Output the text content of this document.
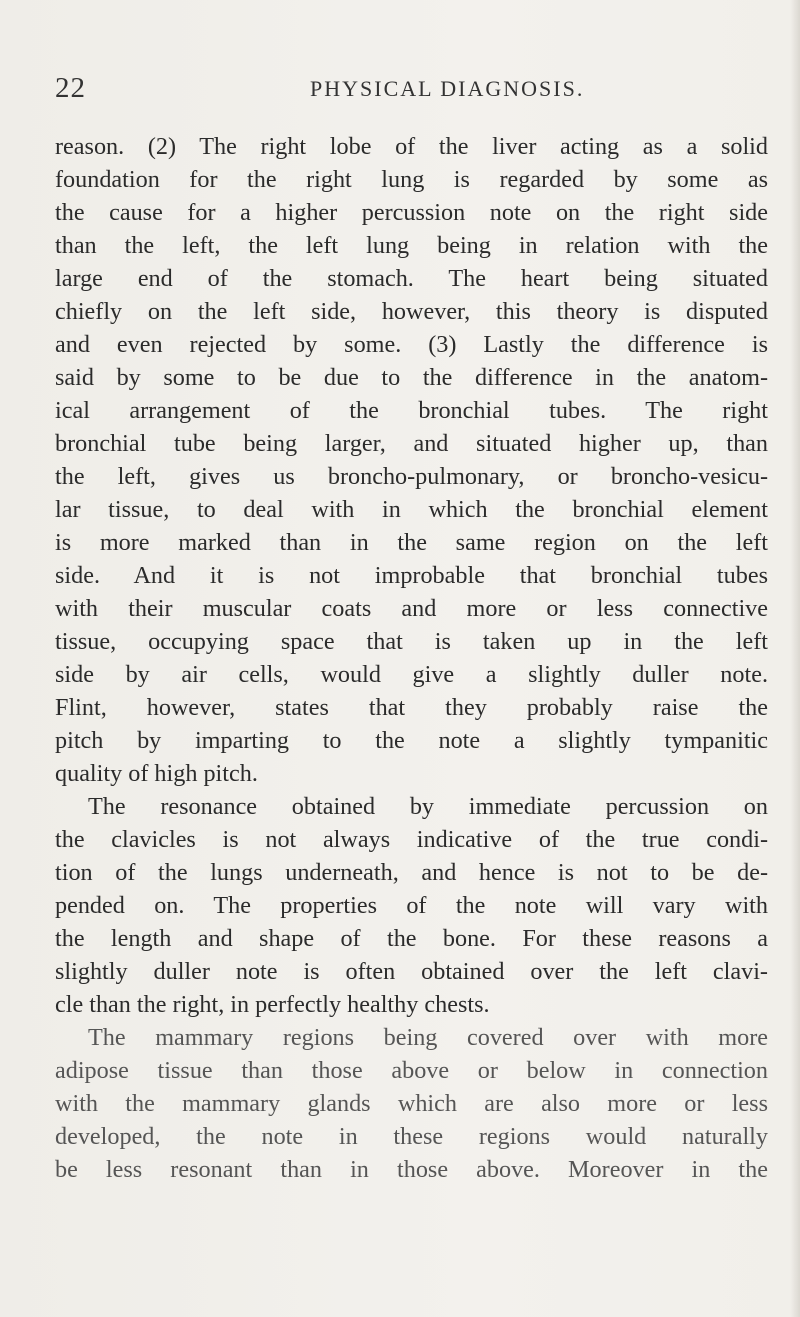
22	PHYSICAL DIAGNOSIS.
reason. (2) The right lobe of the liver acting as a solid
foundation for the right lung is regarded by some as
the cause for a higher percussion note on the right side
than the left, the left lung being in relation with the
large end of the stomach. The heart being situated
chiefly on the left side, however, this theory is disputed
and even rejected by some. (3) Lastly the difference is
said by some to be due to the difference in the anatom-
ical arrangement of the bronchial tubes. The right
bronchial tube being larger, and situated higher up, than
the left, gives us broncho-pulmonary, or broncho-vesicu-
lar tissue, to deal with in which the bronchial element
is more marked than in the same region on the left
side. And it is not improbable that bronchial tubes
with their muscular coats and more or less connective
tissue, occupying space that is taken up in the left
side by air cells, would give a slightly duller note.
Flint, however, states that they probably raise the
pitch by imparting to the note a slightly tympanitic
quality of high pitch.
The resonance obtained by immediate percussion on
the clavicles is not always indicative of the true condi-
tion of the lungs underneath, and hence is not to be de-
pended on. The properties of the note will vary with
the length and shape of the bone. For these reasons a
slightly duller note is often obtained over the left clavi-
cle than the right, in perfectly healthy chests.
The mammary regions being covered over with more
adipose tissue than those above or below in connection
with the mammary glands which are also more or less
developed, the note in these regions would naturally
be less resonant than in those above. Moreover in the
